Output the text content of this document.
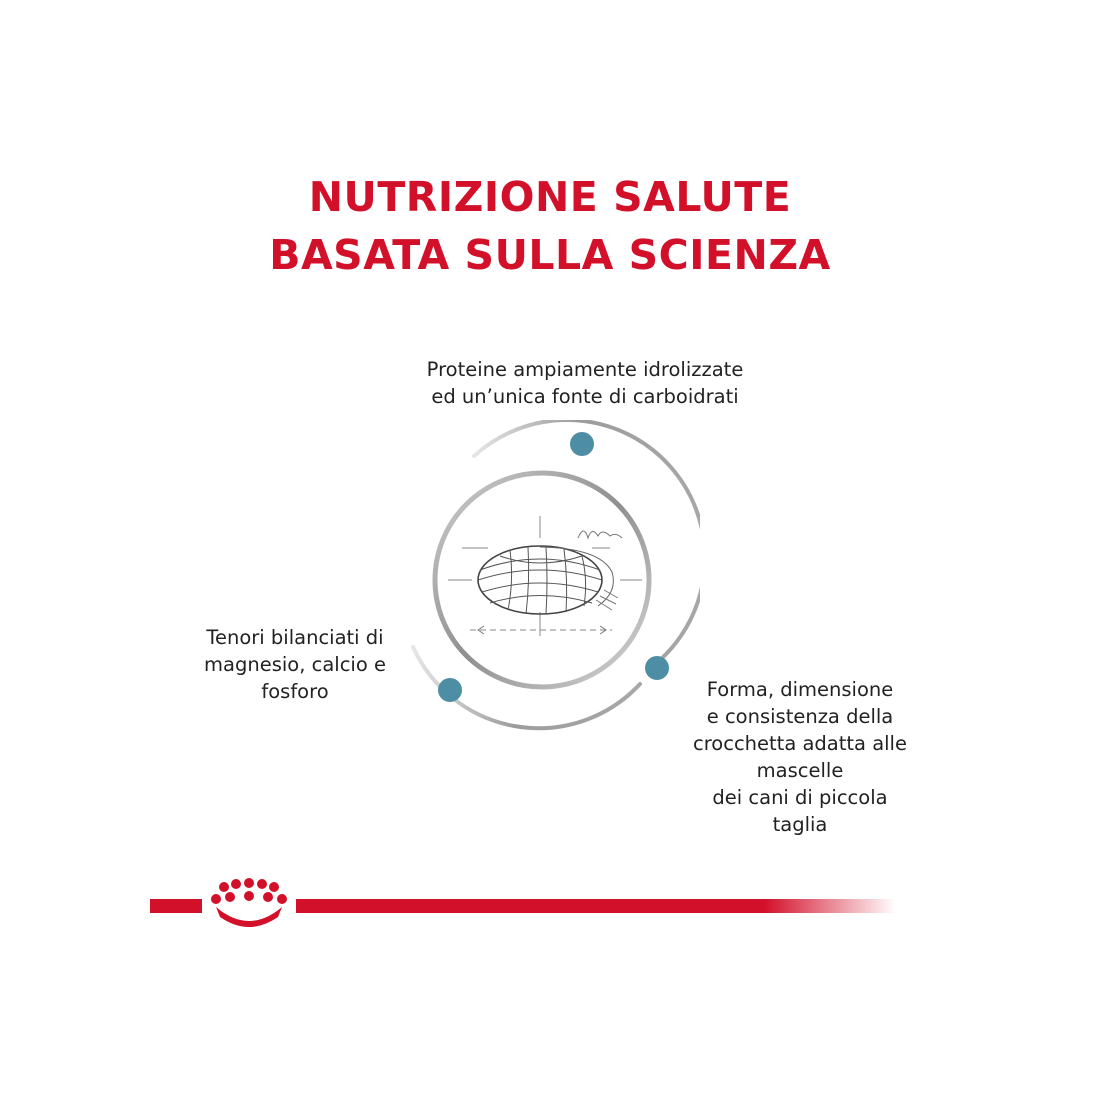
NUTRIZIONE SALUTE
BASATA SULLA SCIENZA
Proteine ampiamente idrolizzate
ed un’unica fonte di carboidrati
Tenori bilanciati di
magnesio, calcio e
fosforo	Forma, dimensione
e consistenza della
crocchetta adatta alle
mascelle
dei cani di piccola
taglia
